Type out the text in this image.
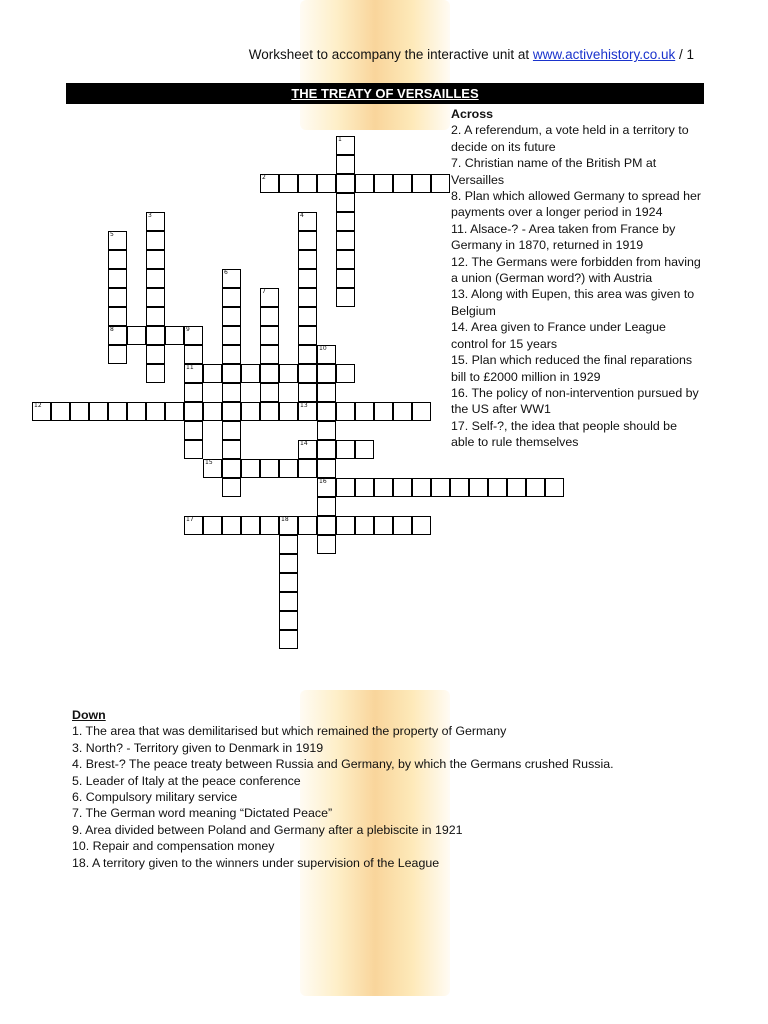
Worksheet to accompany the interactive unit at www.activehistory.co.uk / 1
THE TREATY OF VERSAILLES
1
2
3	4
5
6
7
8	9
10
11
12	13
14
15
16
17	18
Across
2. A referendum, a vote held in a territory to decide on its future
7. Christian name of the British PM at Versailles
8. Plan which allowed Germany to spread her payments over a longer period in 1924
11. Alsace-? - Area taken from France by Germany in 1870, returned in 1919
12. The Germans were forbidden from having a union (German word?) with Austria
13. Along with Eupen, this area was given to Belgium
14. Area given to France under League control for 15 years
15. Plan which reduced the final reparations bill to £2000 million in 1929
16. The policy of non-intervention pursued by the US after WW1
17. Self-?, the idea that people should be able to rule themselves
Down
1. The area that was demilitarised but which remained the property of Germany
3. North? - Territory given to Denmark in 1919
4. Brest-? The peace treaty between Russia and Germany, by which the Germans crushed Russia.
5. Leader of Italy at the peace conference
6. Compulsory military service
7. The German word meaning “Dictated Peace”
9. Area divided between Poland and Germany after a plebiscite in 1921
10. Repair and compensation money
18. A territory given to the winners under supervision of the League
